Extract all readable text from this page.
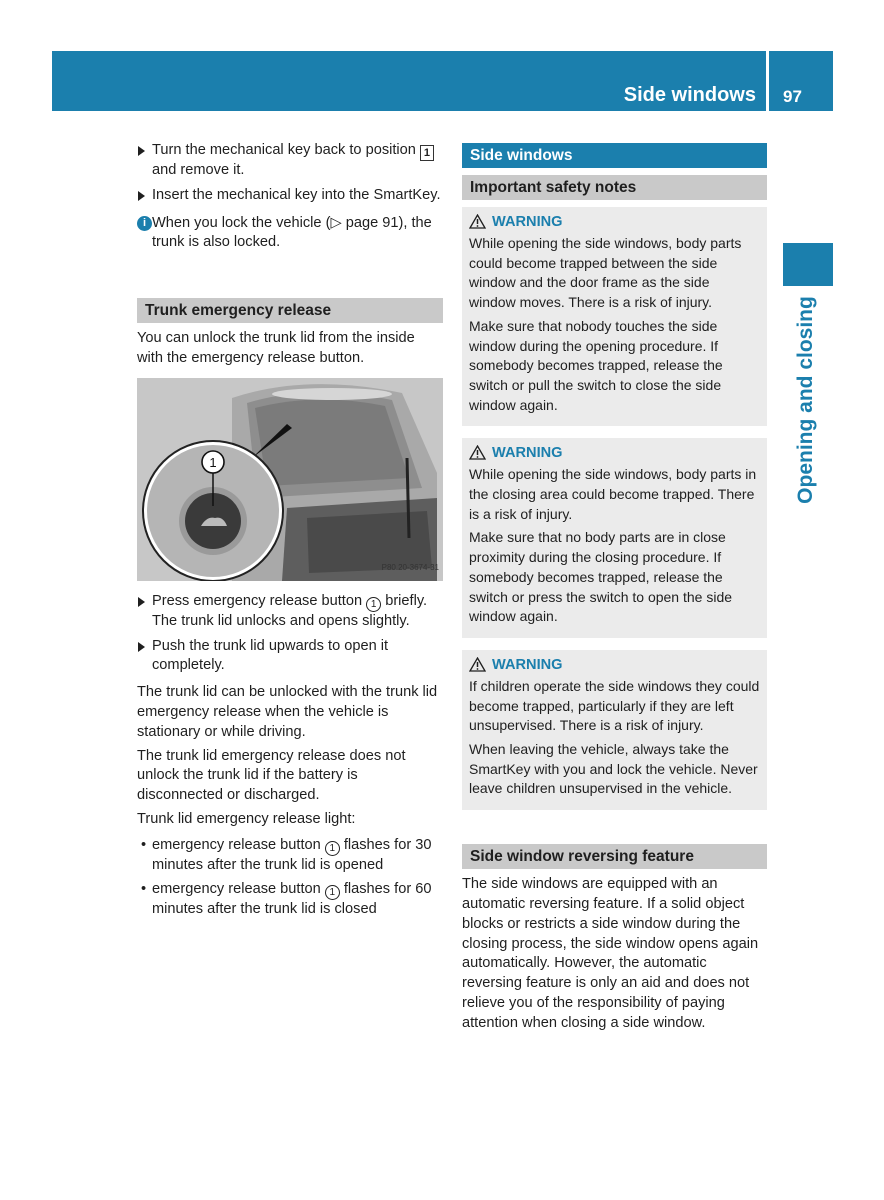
Side windows 97
Opening and closing
Turn the mechanical key back to position 1 and remove it.
Insert the mechanical key into the SmartKey.
i When you lock the vehicle (▷ page 91), the trunk is also locked.
Trunk emergency release

You can unlock the trunk lid from the inside with the emergency release button.

1
P80.20-3674-31
Press emergency release button 1 briefly. The trunk lid unlocks and opens slightly.
Push the trunk lid upwards to open it completely.

The trunk lid can be unlocked with the trunk lid emergency release when the vehicle is stationary or while driving.

The trunk lid emergency release does not unlock the trunk lid if the battery is disconnected or discharged.

Trunk lid emergency release light:

• emergency release button 1 flashes for 30 minutes after the trunk lid is opened
• emergency release button 1 flashes for 60 minutes after the trunk lid is closed
Side windows
Important safety notes
WARNING

While opening the side windows, body parts could become trapped between the side window and the door frame as the side window moves. There is a risk of injury.

Make sure that nobody touches the side window during the opening procedure. If somebody becomes trapped, release the switch or pull the switch to close the side window again.

WARNING

While opening the side windows, body parts in the closing area could become trapped. There is a risk of injury.

Make sure that no body parts are in close proximity during the closing procedure. If somebody becomes trapped, release the switch or press the switch to open the side window again.

WARNING

If children operate the side windows they could become trapped, particularly if they are left unsupervised. There is a risk of injury.

When leaving the vehicle, always take the SmartKey with you and lock the vehicle. Never leave children unsupervised in the vehicle.

Side window reversing feature

The side windows are equipped with an automatic reversing feature. If a solid object blocks or restricts a side window during the closing process, the side window opens again automatically. However, the automatic reversing feature is only an aid and does not relieve you of the responsibility of paying attention when closing a side window.
